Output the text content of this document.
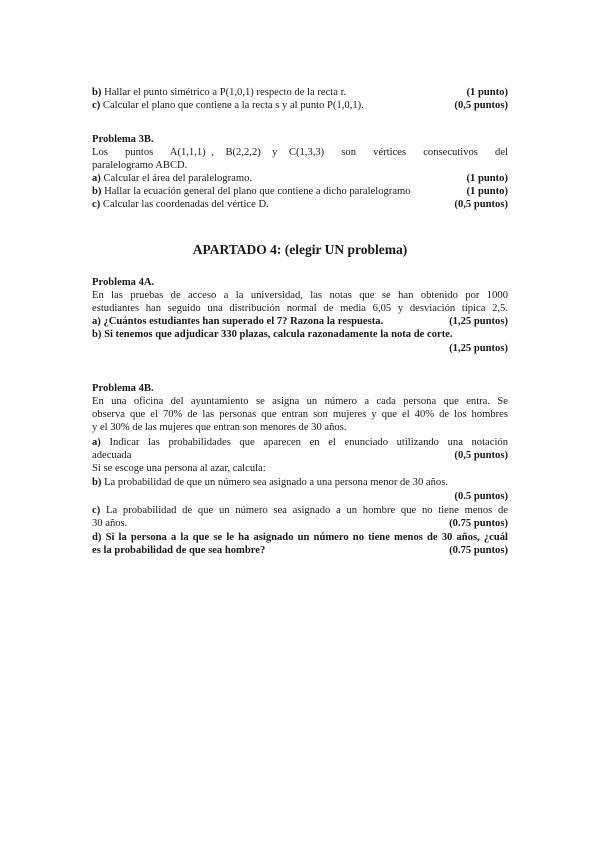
b) Hallar el punto simétrico a P(1,0,1) respecto de la recta r.	(1 punto)
c) Calcular el plano que contiene a la recta s y al punto P(1,0,1).	(0,5 puntos)
Problema 3B.
Los   puntos   A(1,1,1) ,  B(2,2,2)  y  C(1,3,3)   son   vértices   consecutivos   del
paralelogramo ABCD.
a) Calcular el área del paralelogramo.	(1 punto)
b) Hallar la ecuación general del plano que contiene a dicho paralelogramo	(1 punto)
c) Calcular las coordenadas del vértice D.	(0,5 puntos)
APARTADO 4: (elegir UN problema)
Problema 4A.
En las pruebas de acceso a la universidad, las notas que se han obtenido por 1000
estudiantes han seguido una distribución normal de media 6,05 y desviación típica 2,5.
a) ¿Cuántos estudiantes han superado el 7? Razona la respuesta.	(1,25 puntos)
b) Si tenemos que adjudicar 330 plazas, calcula razonadamente la nota de corte.
(1,25 puntos)
Problema 4B.
En una oficina del ayuntamiento se asigna un número a cada persona que entra. Se
observa que el 70% de las personas que entran son mujeres y que el 40% de los hombres
y el 30% de las mujeres que entran son menores de 30 años.
a) Indicar las probabilidades que aparecen en el enunciado utilizando una notación
adecuada	(0,5 puntos)
Si se escoge una persona al azar, calcula:
b) La probabilidad de que un número sea asignado a una persona menor de 30 años.
(0.5 puntos)
c) La probabilidad de que un número sea asignado a un hombre que no tiene menos de
30 años.	(0.75 puntos)
d) Si la persona a la que se le ha asignado un número no tiene menos de 30 años, ¿cuál
es la probabilidad de que sea hombre?	(0.75 puntos)
